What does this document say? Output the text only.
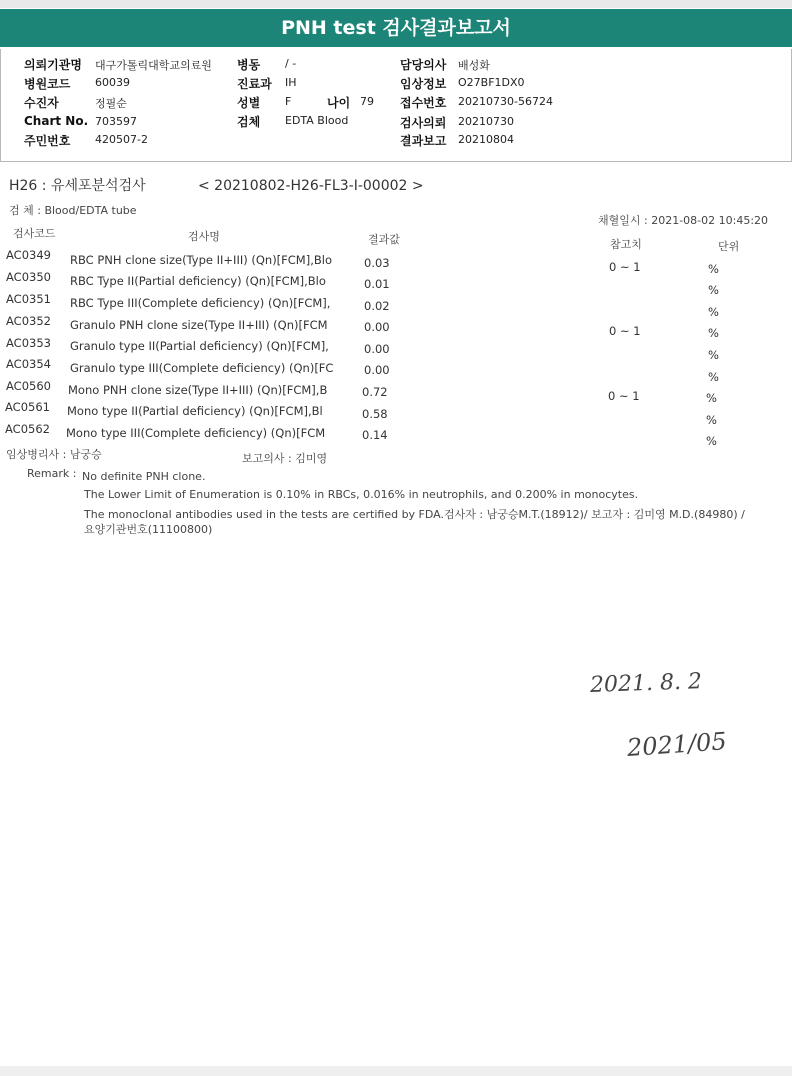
PNH test 검사결과보고서
의뢰기관명 대구가톨릭대학교의료원 병동 / -	담당의사 배성화
병원코드 60039	진료과 IH	임상정보 O27BF1DX0
수진자	정필순	성별 F	나이 79 접수번호 20210730-56724
Chart No. 703597	검체 EDTA Blood	검사의뢰 20210730
주민번호 420507-2	결과보고 20210804
H26 : 유세포분석검사	< 20210802-H26-FL3-I-00002 >
검 체 : Blood/EDTA tube
채혈일시 : 2021-08-02 10:45:20
검사코드	검사명	결과값	참고치	단위
AC0349 RBC PNH clone size(Type II+III) (Qn)[FCM],Blo	0.03	0 ~ 1	%
AC0350 RBC Type II(Partial deficiency) (Qn)[FCM],Blo	0.01	%
AC0351 RBC Type III(Complete deficiency) (Qn)[FCM],	0.02	%
AC0352 Granulo PNH clone size(Type II+III) (Qn)[FCM	0.00	0 ~ 1	%
AC0353 Granulo type II(Partial deficiency) (Qn)[FCM],	0.00	%
AC0354 Granulo type III(Complete deficiency) (Qn)[FC	0.00	%
AC0560 Mono PNH clone size(Type II+III) (Qn)[FCM],B	0.72	0 ~ 1	%
AC0561 Mono type II(Partial deficiency) (Qn)[FCM],Bl	0.58	%
AC0562 Mono type III(Complete deficiency) (Qn)[FCM	0.14	%
임상병리사 : 남궁승	보고의사 : 김미영
Remark : No definite PNH clone.
The Lower Limit of Enumeration is 0.10% in RBCs, 0.016% in neutrophils, and 0.200% in monocytes.
The monoclonal antibodies used in the tests are certified by FDA.검사자 : 남궁승M.T.(18912)/ 보고자 : 김미영 M.D.(84980) /
요양기관번호(11100800)
2021. 8. 2
2021/05
